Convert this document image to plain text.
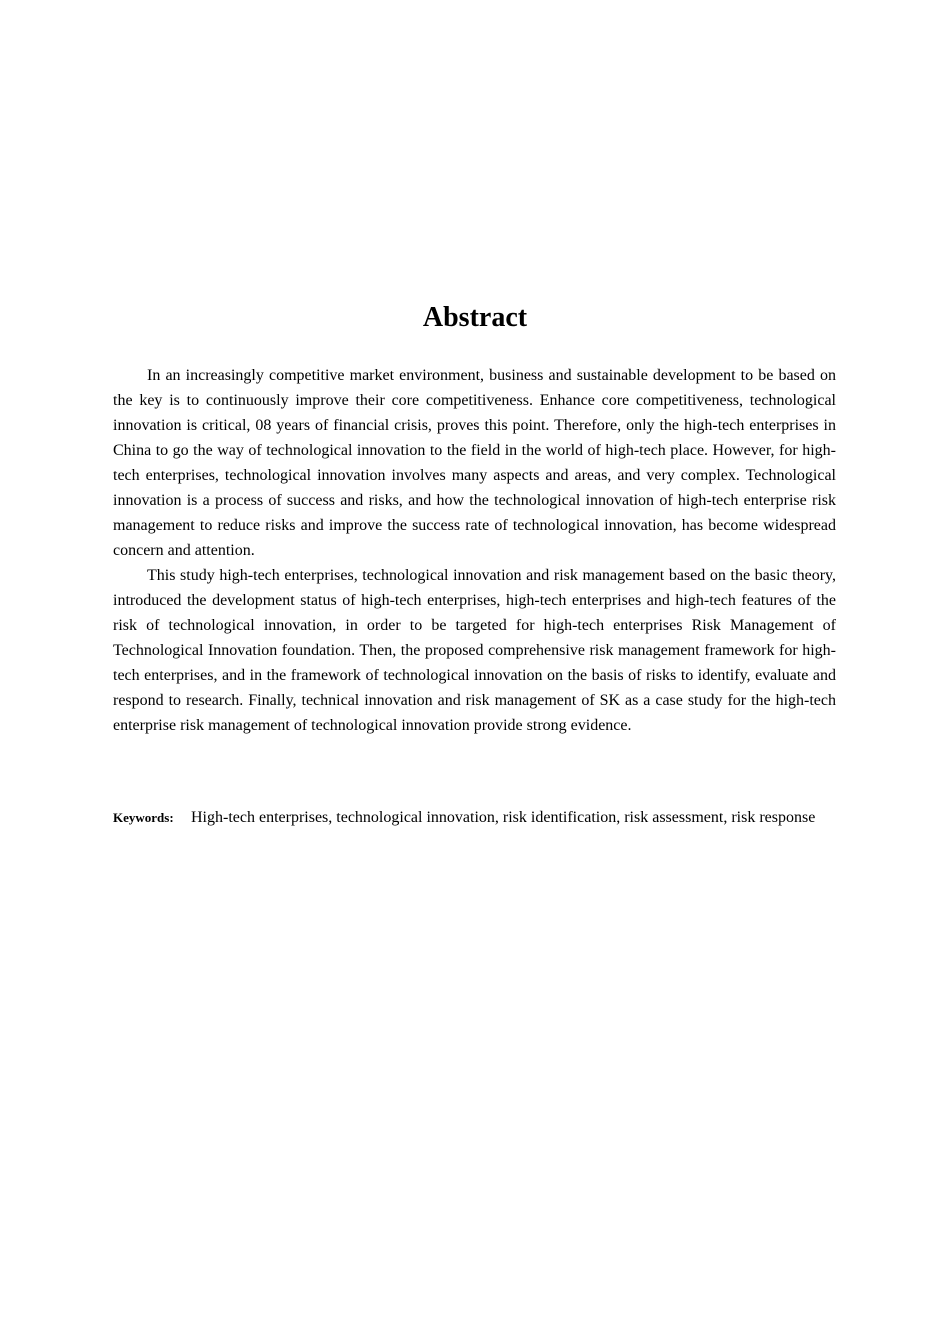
Abstract

In an increasingly competitive market environment, business and sustainable development to be based on the key is to continuously improve their core competitiveness. Enhance core competitiveness, technological innovation is critical, 08 years of financial crisis, proves this point. Therefore, only the high-tech enterprises in China to go the way of technological innovation to the field in the world of high-tech place. However, for high-tech enterprises, technological innovation involves many aspects and areas, and very complex. Technological innovation is a process of success and risks, and how the technological innovation of high-tech enterprise risk management to reduce risks and improve the success rate of technological innovation, has become widespread concern and attention.

This study high-tech enterprises, technological innovation and risk management based on the basic theory, introduced the development status of high-tech enterprises, high-tech enterprises and high-tech features of the risk of technological innovation, in order to be targeted for high-tech enterprises Risk Management of Technological Innovation foundation. Then, the proposed comprehensive risk management framework for high-tech enterprises, and in the framework of technological innovation on the basis of risks to identify, evaluate and respond to research. Finally, technical innovation and risk management of SK as a case study for the high-tech enterprise risk management of technological innovation provide strong evidence.

Keywords: High-tech enterprises, technological innovation, risk identification, risk assessment, risk response
